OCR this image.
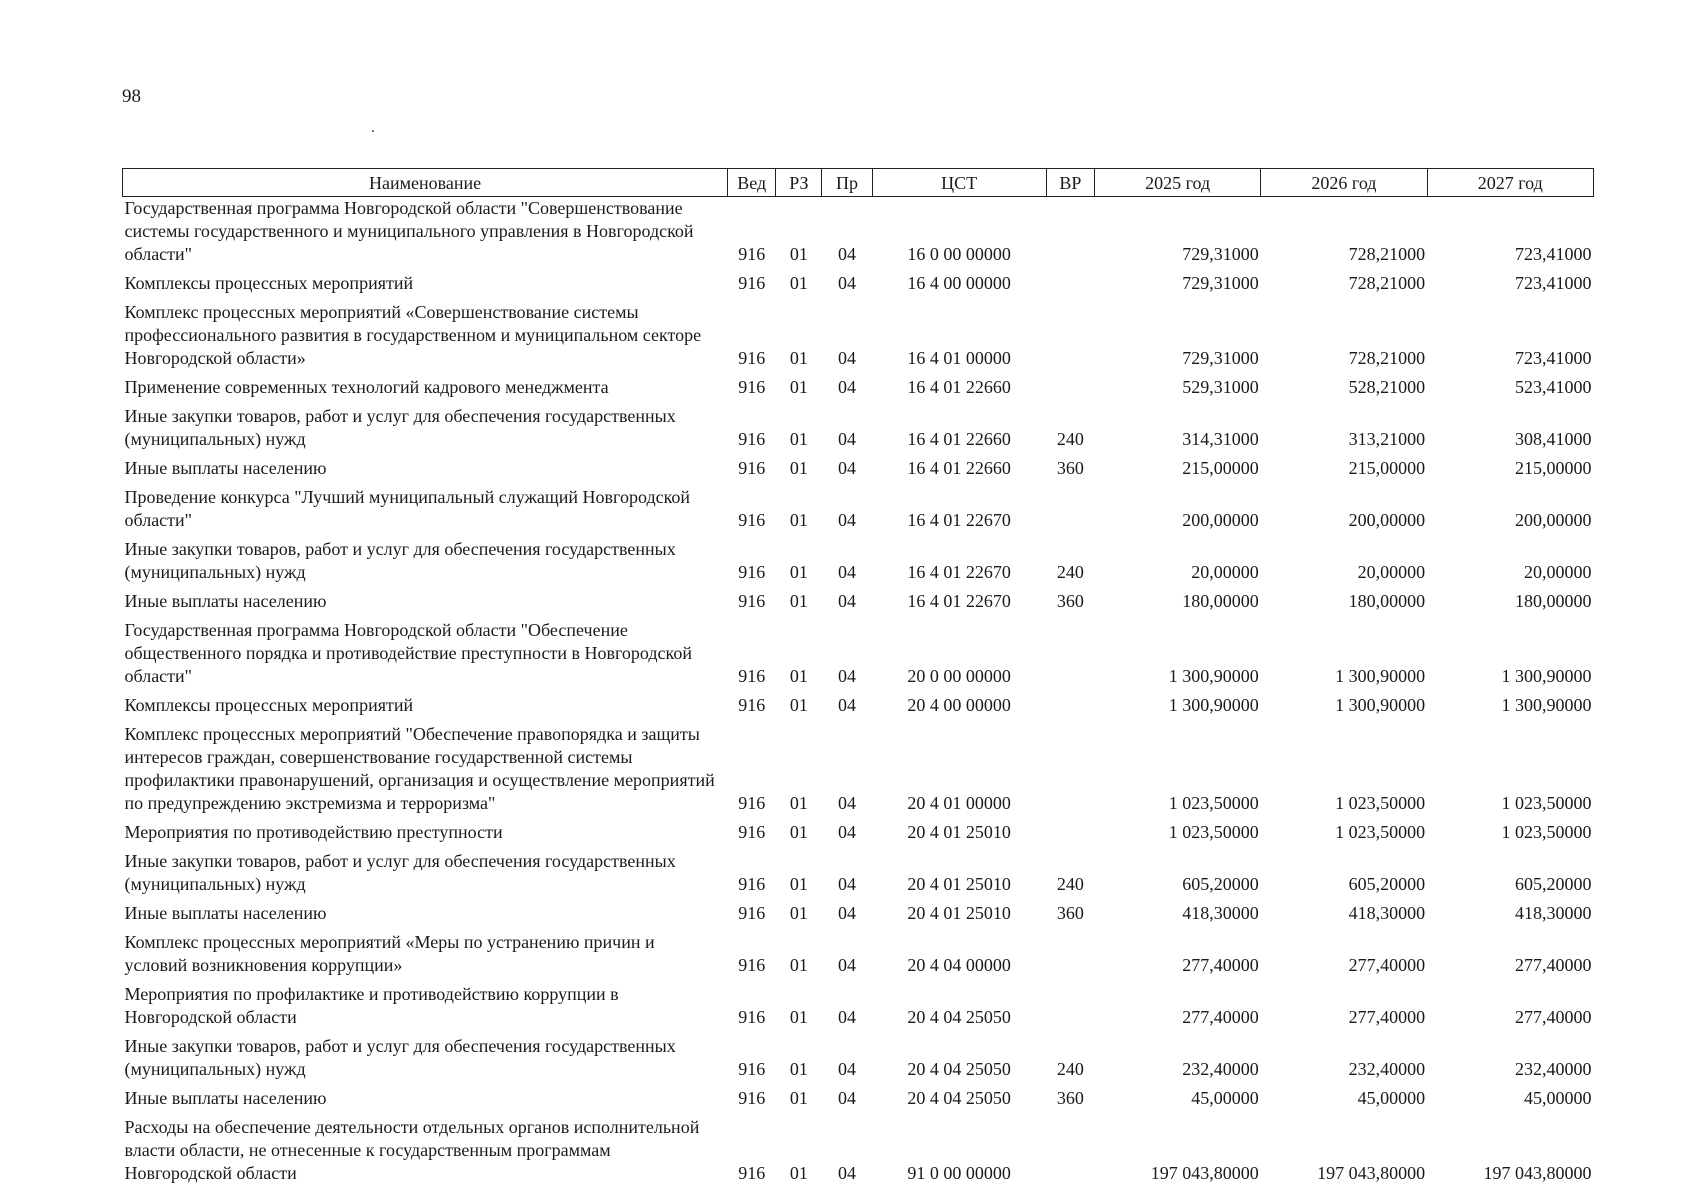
98
Наименование	Вед	РЗ	Пр	ЦСТ	ВР	2025 год	2026 год	2027 год
Государственная программа Новгородской области "Совершенствование системы государственного и муниципального управления в Новгородской области"	916	01	04	16 0 00 00000		729,31000	728,21000	723,41000
Комплексы процессных мероприятий	916	01	04	16 4 00 00000		729,31000	728,21000	723,41000
Комплекс процессных мероприятий «Совершенствование системы профессионального развития в государственном и муниципальном секторе Новгородской области»	916	01	04	16 4 01 00000		729,31000	728,21000	723,41000
Применение современных технологий кадрового менеджмента	916	01	04	16 4 01 22660		529,31000	528,21000	523,41000
Иные закупки товаров, работ и услуг для обеспечения государственных (муниципальных) нужд	916	01	04	16 4 01 22660	240	314,31000	313,21000	308,41000
Иные выплаты населению	916	01	04	16 4 01 22660	360	215,00000	215,00000	215,00000
Проведение конкурса "Лучший муниципальный служащий Новгородской области"	916	01	04	16 4 01 22670		200,00000	200,00000	200,00000
Иные закупки товаров, работ и услуг для обеспечения государственных (муниципальных) нужд	916	01	04	16 4 01 22670	240	20,00000	20,00000	20,00000
Иные выплаты населению	916	01	04	16 4 01 22670	360	180,00000	180,00000	180,00000
Государственная программа Новгородской области "Обеспечение общественного порядка и противодействие преступности в Новгородской области"	916	01	04	20 0 00 00000		1 300,90000	1 300,90000	1 300,90000
Комплексы процессных мероприятий	916	01	04	20 4 00 00000		1 300,90000	1 300,90000	1 300,90000
Комплекс процессных мероприятий "Обеспечение правопорядка и защиты интересов граждан, совершенствование государственной системы профилактики правонарушений, организация и осуществление мероприятий по предупреждению экстремизма и терроризма"	916	01	04	20 4 01 00000		1 023,50000	1 023,50000	1 023,50000
Мероприятия по противодействию преступности	916	01	04	20 4 01 25010		1 023,50000	1 023,50000	1 023,50000
Иные закупки товаров, работ и услуг для обеспечения государственных (муниципальных) нужд	916	01	04	20 4 01 25010	240	605,20000	605,20000	605,20000
Иные выплаты населению	916	01	04	20 4 01 25010	360	418,30000	418,30000	418,30000
Комплекс процессных мероприятий «Меры по устранению причин и условий возникновения коррупции»	916	01	04	20 4 04 00000		277,40000	277,40000	277,40000
Мероприятия по профилактике и противодействию коррупции в Новгородской области	916	01	04	20 4 04 25050		277,40000	277,40000	277,40000
Иные закупки товаров, работ и услуг для обеспечения государственных (муниципальных) нужд	916	01	04	20 4 04 25050	240	232,40000	232,40000	232,40000
Иные выплаты населению	916	01	04	20 4 04 25050	360	45,00000	45,00000	45,00000
Расходы на обеспечение деятельности отдельных органов исполнительной власти области, не отнесенные к государственным программам Новгородской области	916	01	04	91 0 00 00000		197 043,80000	197 043,80000	197 043,80000
